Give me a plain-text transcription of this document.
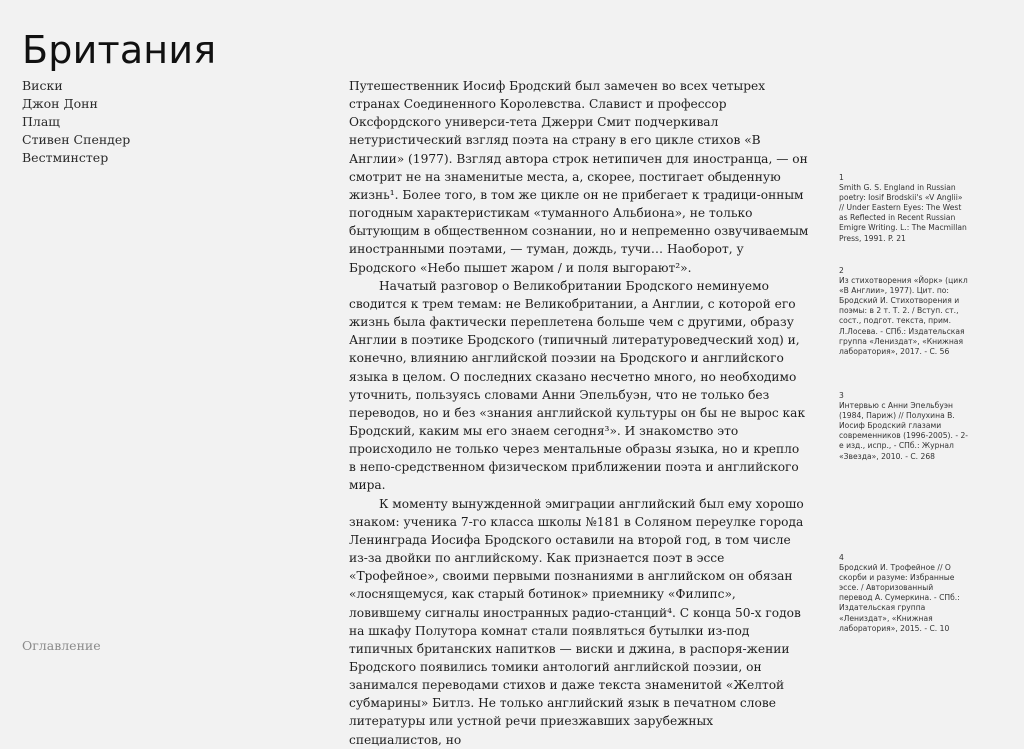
Британия
Виски
Джон Донн
Плащ
Стивен Спендер
Вестминстер
Оглавление

Путешественник Иосиф Бродский был замечен во всех четырех странах Соединенного Королевства. Славист и профессор Оксфордского универси-тета Джерри Смит подчеркивал нетуристический взгляд поэта на страну в его цикле стихов «В Англии» (1977). Взгляд автора строк нетипичен для иностранца, — он смотрит не на знаменитые места, а, скорее, постигает обыденную жизнь¹. Более того, в том же цикле он не прибегает к традици-онным погодным характеристикам «туманного Альбиона», не только бытующим в общественном сознании, но и непременно озвучиваемым иностранными поэтами, — туман, дождь, тучи… Наоборот, у Бродского «Небо пышет жаром / и поля выгорают²».

Начатый разговор о Великобритании Бродского неминуемо сводится к трем темам: не Великобритании, а Англии, с которой его жизнь была фактически переплетена больше чем с другими, образу Англии в поэтике Бродского (типичный литературоведческий ход) и, конечно, влиянию английской поэзии на Бродского и английского языка в целом. О последних сказано несчетно много, но необходимо уточнить, пользуясь словами Анни Эпельбуэн, что не только без переводов, но и без «знания английской культуры он бы не вырос как Бродский, каким мы его знаем сегодня³». И знакомство это происходило не только через ментальные образы языка, но и крепло в непо-средственном физическом приближении поэта и английского мира.

К моменту вынужденной эмиграции английский был ему хорошо знаком: ученика 7-го класса школы №181 в Соляном переулке города Ленинграда Иосифа Бродского оставили на второй год, в том числе из-за двойки по английскому. Как признается поэт в эссе «Трофейное», своими первыми познаниями в английском он обязан «лоснящемуся, как старый ботинок» приемнику «Филипс», ловившему сигналы иностранных радио-станций⁴. С конца 50-х годов на шкафу Полутора комнат стали появляться бутылки из-под типичных британских напитков — виски и джина, в распоря-жении Бродского появились томики антологий английской поэзии, он занимался переводами стихов и даже текста знаменитой «Желтой субмарины» Битлз. Не только английский язык в печатном слове литературы или устной речи приезжавших зарубежных специалистов, но

1
Smith G. S. England in Russian poetry: Iosif Brodskii's «V Anglii» // Under Eastern Eyes: The West as Reflected in Recent Russian Emigre Writing. L.: The Macmillan Press, 1991. P. 21
2
Из стихотворения «Йорк» (цикл «В Англии», 1977). Цит. по: Бродский И. Стихотворения и поэмы: в 2 т. Т. 2. / Вступ. ст., сост., подгот. текста, прим. Л.Лосева. - СПб.: Издательская группа «Лениздат», «Книжная лаборатория», 2017. - С. 56
3
Интервью с Анни Эпельбуэн (1984, Париж) // Полухина В. Иосиф Бродский глазами современников (1996-2005). - 2-е изд., испр., - СПб.: Журнал «Звезда», 2010. - С. 268
4
Бродский И. Трофейное // О скорби и разуме: Избранные эссе. / Авторизованный перевод А. Сумеркина. - СПб.: Издательская группа «Лениздат», «Книжная лаборатория», 2015. - С. 10
